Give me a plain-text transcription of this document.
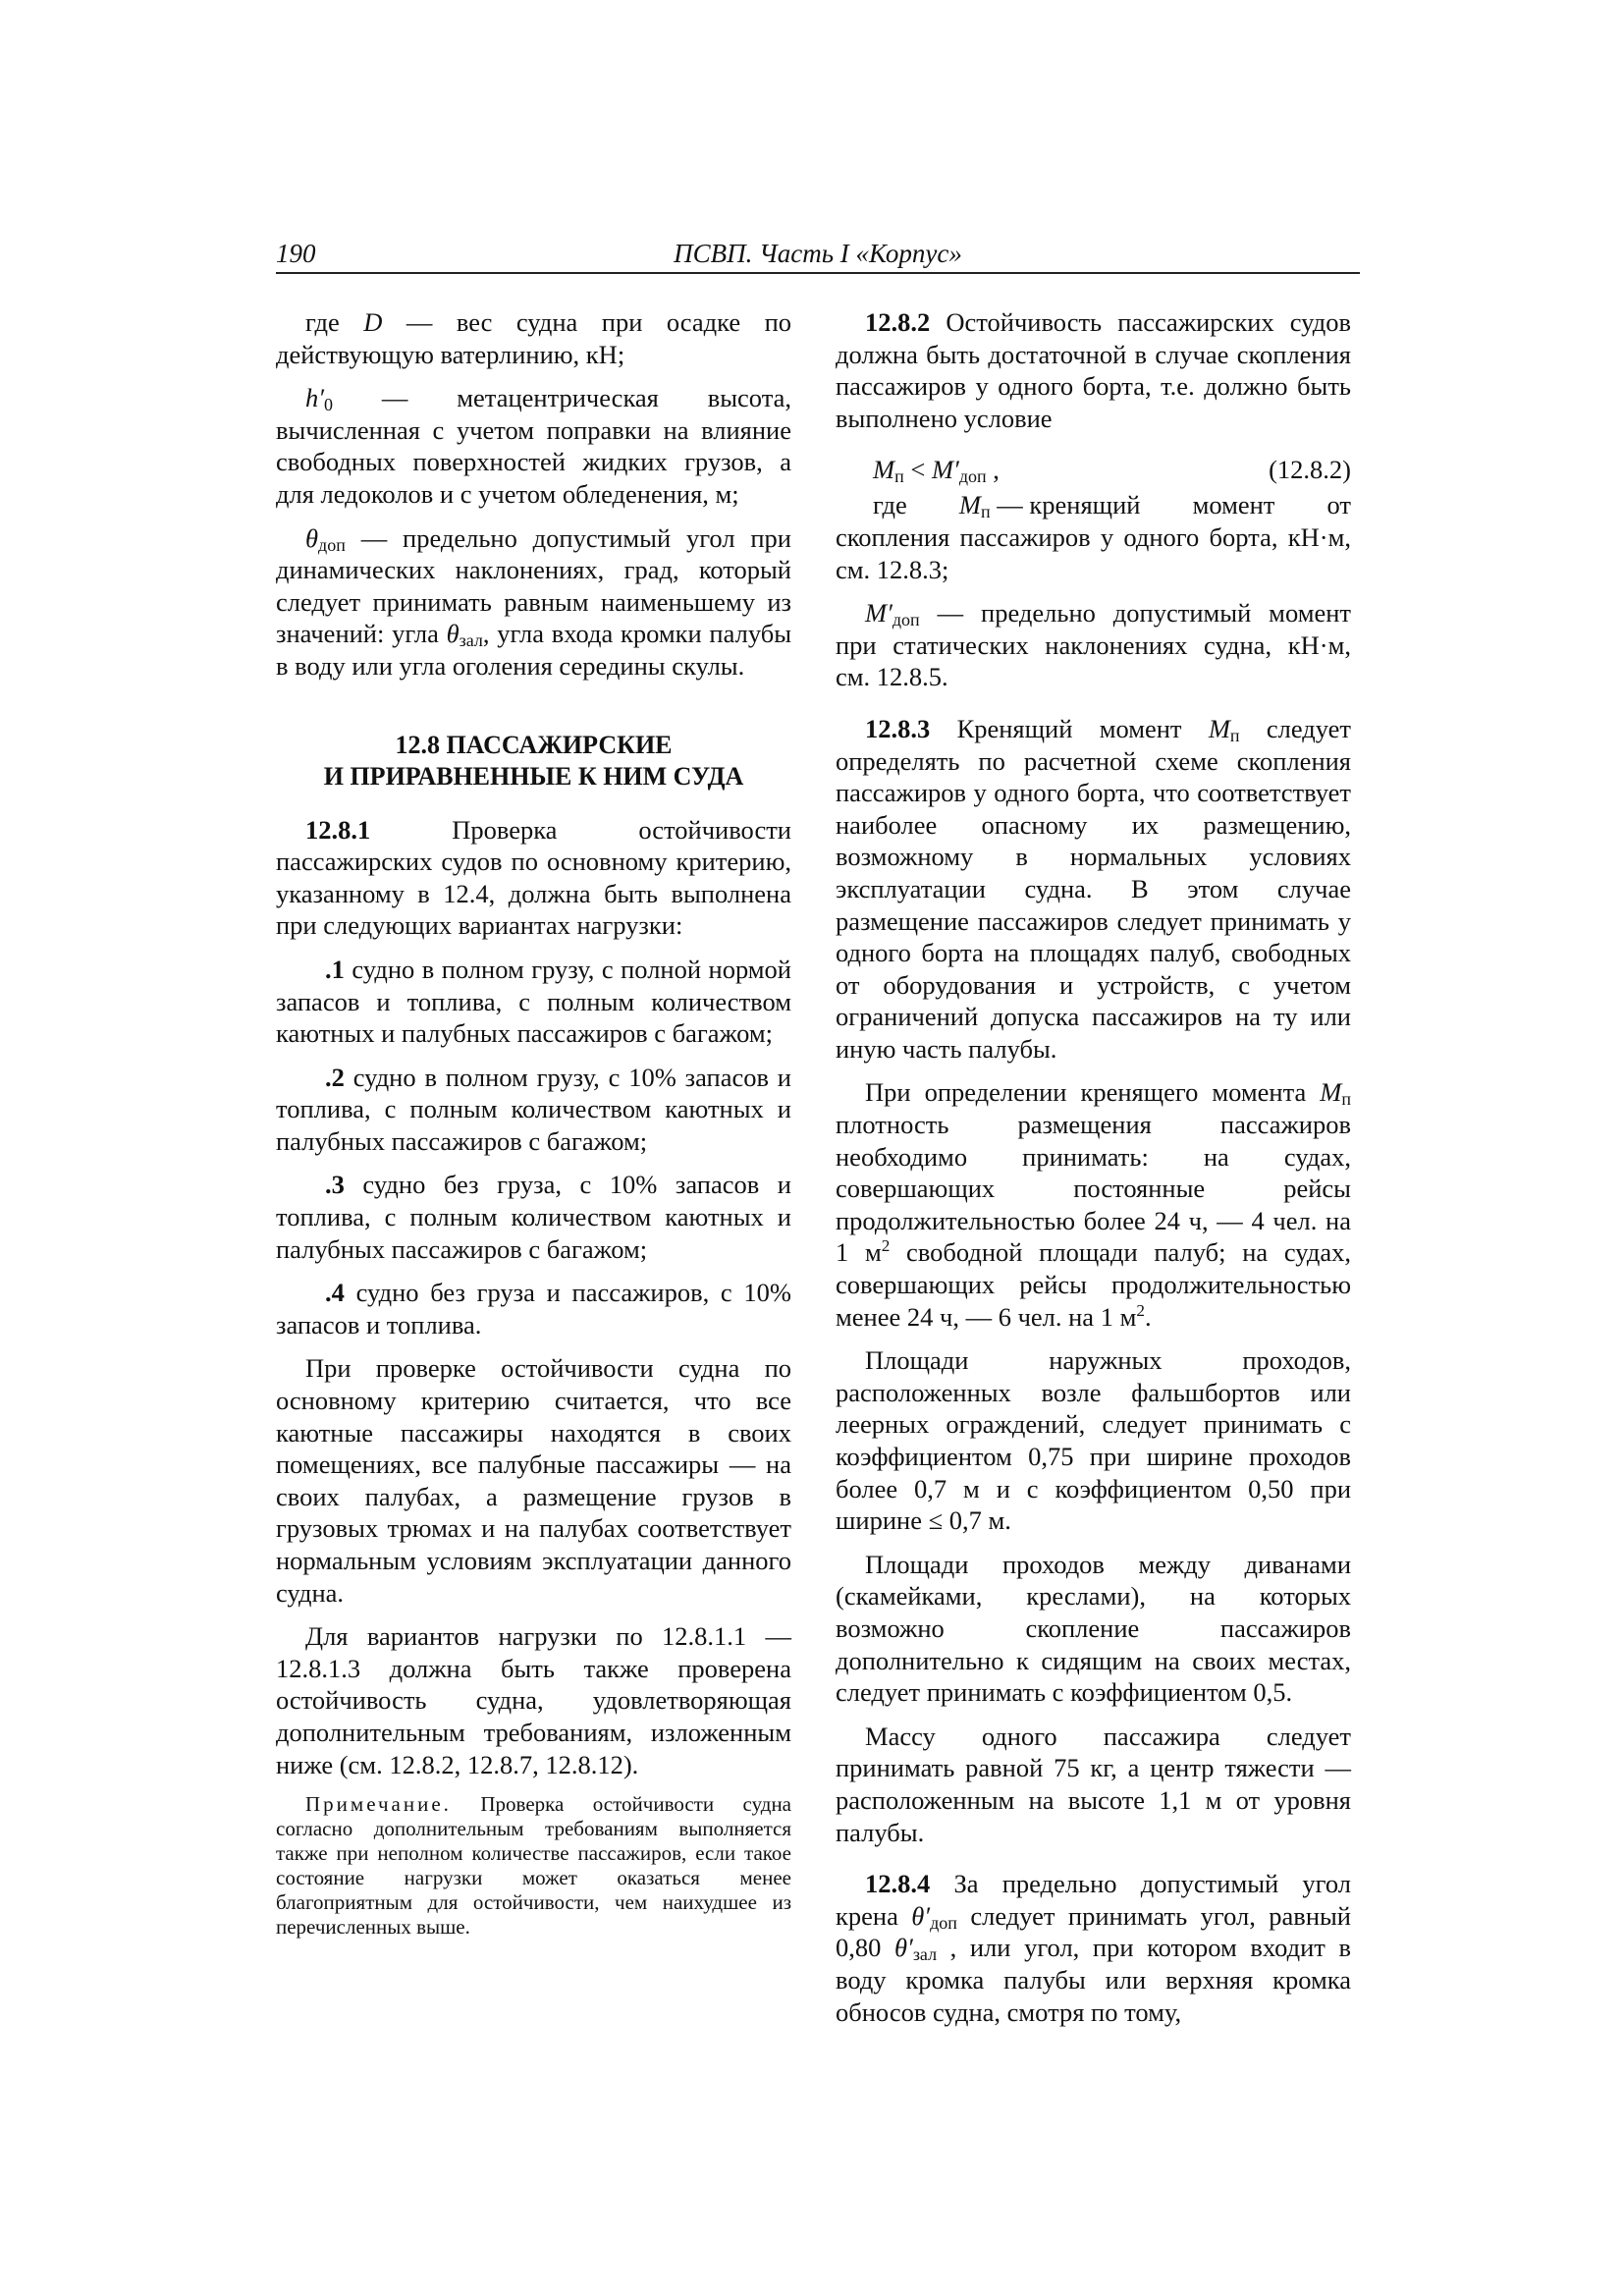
190	ПСВП. Часть I «Корпус»

где D — вес судна при осадке по действующую ватерлинию, кН;

$h'_0$ — метацентрическая высота, вычисленная с учетом поправки на влияние свободных поверхностей жидких грузов, а для ледоколов и с учетом обледенения, м;

$\theta_{доп}$ — предельно допустимый угол при динамических наклонениях, град, который следует принимать равным наименьшему из значений: угла $\theta_{зал}$, угла входа кромки палубы в воду или угла оголения середины скулы.

12.8 ПАССАЖИРСКИЕ
И ПРИРАВНЕННЫЕ К НИМ СУДА

12.8.1 Проверка остойчивости пассажирских судов по основному критерию, указанному в 12.4, должна быть выполнена при следующих вариантах нагрузки:

.1 судно в полном грузу, с полной нормой запасов и топлива, с полным количеством каютных и палубных пассажиров с багажом;

.2 судно в полном грузу, с 10% запасов и топлива, с полным количеством каютных и палубных пассажиров с багажом;

.3 судно без груза, с 10% запасов и топлива, с полным количеством каютных и палубных пассажиров с багажом;

.4 судно без груза и пассажиров, с 10% запасов и топлива.

При проверке остойчивости судна по основному критерию считается, что все каютные пассажиры находятся в своих помещениях, все палубные пассажиры — на своих палубах, а размещение грузов в грузовых трюмах и на палубах соответствует нормальным условиям эксплуатации данного судна.

Для вариантов нагрузки по 12.8.1.1 — 12.8.1.3 должна быть также проверена остойчивость судна, удовлетворяющая дополнительным требованиям, изложенным ниже (см. 12.8.2, 12.8.7, 12.8.12).

Примечание. Проверка остойчивости судна согласно дополнительным требованиям выполняется также при неполном количестве пассажиров, если такое состояние нагрузки может оказаться менее благоприятным для остойчивости, чем наихудшее из перечисленных выше.

12.8.2 Остойчивость пассажирских судов должна быть достаточной в случае скопления пассажиров у одного борта, т.е. должно быть выполнено условие

$M_п < M'_{доп}$ ,	(12.8.2)

где $M_п$ — кренящий момент от
скопления пассажиров у одного борта, кН·м, см. 12.8.3;

$M'_{доп}$ — предельно допустимый момент при статических наклонениях судна, кН·м, см. 12.8.5.

12.8.3 Кренящий момент $M_п$ следует определять по расчетной схеме скопления пассажиров у одного борта, что соответствует наиболее опасному их размещению, возможному в нормальных условиях эксплуатации судна. В этом случае размещение пассажиров следует принимать у одного борта на площадях палуб, свободных от оборудования и устройств, с учетом ограничений допуска пассажиров на ту или иную часть палубы.

При определении кренящего момента $M_п$ плотность размещения пассажиров необходимо принимать: на судах, совершающих постоянные рейсы продолжительностью более 24 ч, — 4 чел. на 1 $м^2$ свободной площади палуб; на судах, совершающих рейсы продолжительностью менее 24 ч, — 6 чел. на 1 $м^2$.

Площади наружных проходов, расположенных возле фальшбортов или леерных ограждений, следует принимать с коэффициентом 0,75 при ширине проходов более 0,7 м и с коэффициентом 0,50 при ширине ≤ 0,7 м.

Площади проходов между диванами (скамейками, креслами), на которых возможно скопление пассажиров дополнительно к сидящим на своих местах, следует принимать с коэффициентом 0,5.

Массу одного пассажира следует принимать равной 75 кг, а центр тяжести — расположенным на высоте 1,1 м от уровня палубы.

12.8.4 За предельно допустимый угол крена $\theta'_{доп}$ следует принимать угол, равный 0,80 $\theta'_{зал}$ , или угол, при котором входит в воду кромка палубы или верхняя кромка обносов судна, смотря по тому,
